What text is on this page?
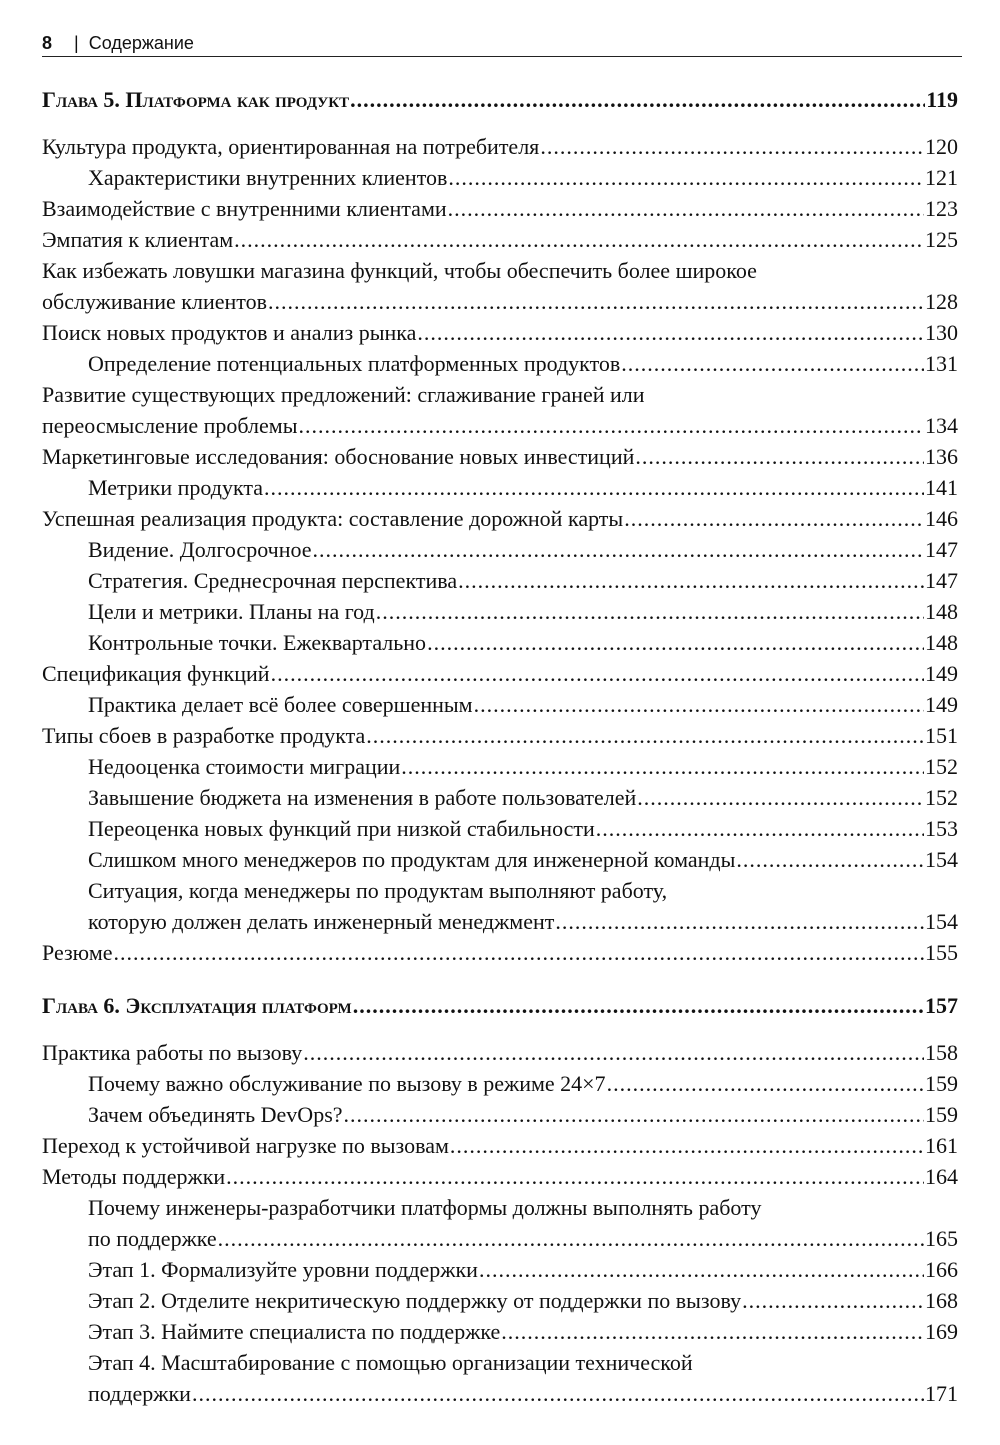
8 | Содержание
Глава 5. Платформа как продукт .....	119
Культура продукта, ориентированная на потребителя .....	120
Характеристики внутренних клиентов .....	121
Взаимодействие с внутренними клиентами .....	123
Эмпатия к клиентам .....	125
Как избежать ловушки магазина функций, чтобы обеспечить более широкое
обслуживание клиентов .....	128
Поиск новых продуктов и анализ рынка .....	130
Определение потенциальных платформенных продуктов .....	131
Развитие существующих предложений: сглаживание граней или
переосмысление проблемы .....	134
Маркетинговые исследования: обоснование новых инвестиций .....	136
Метрики продукта .....	141
Успешная реализация продукта: составление дорожной карты .....	146
Видение. Долгосрочное .....	147
Стратегия. Среднесрочная перспектива .....	147
Цели и метрики. Планы на год .....	148
Контрольные точки. Ежеквартально .....	148
Спецификация функций .....	149
Практика делает всё более совершенным .....	149
Типы сбоев в разработке продукта .....	151
Недооценка стоимости миграции .....	152
Завышение бюджета на изменения в работе пользователей .....	152
Переоценка новых функций при низкой стабильности .....	153
Слишком много менеджеров по продуктам для инженерной команды .....	154
Ситуация, когда менеджеры по продуктам выполняют работу,
которую должен делать инженерный менеджмент .....	154
Резюме .....	155
Глава 6. Эксплуатация платформ .....	157
Практика работы по вызову .....	158
Почему важно обслуживание по вызову в режиме 24×7 .....	159
Зачем объединять DevOps? .....	159
Переход к устойчивой нагрузке по вызовам .....	161
Методы поддержки .....	164
Почему инженеры-разработчики платформы должны выполнять работу
по поддержке .....	165
Этап 1. Формализуйте уровни поддержки .....	166
Этап 2. Отделите некритическую поддержку от поддержки по вызову .....	168
Этап 3. Наймите специалиста по поддержке .....	169
Этап 4. Масштабирование с помощью организации технической
поддержки .....	171
